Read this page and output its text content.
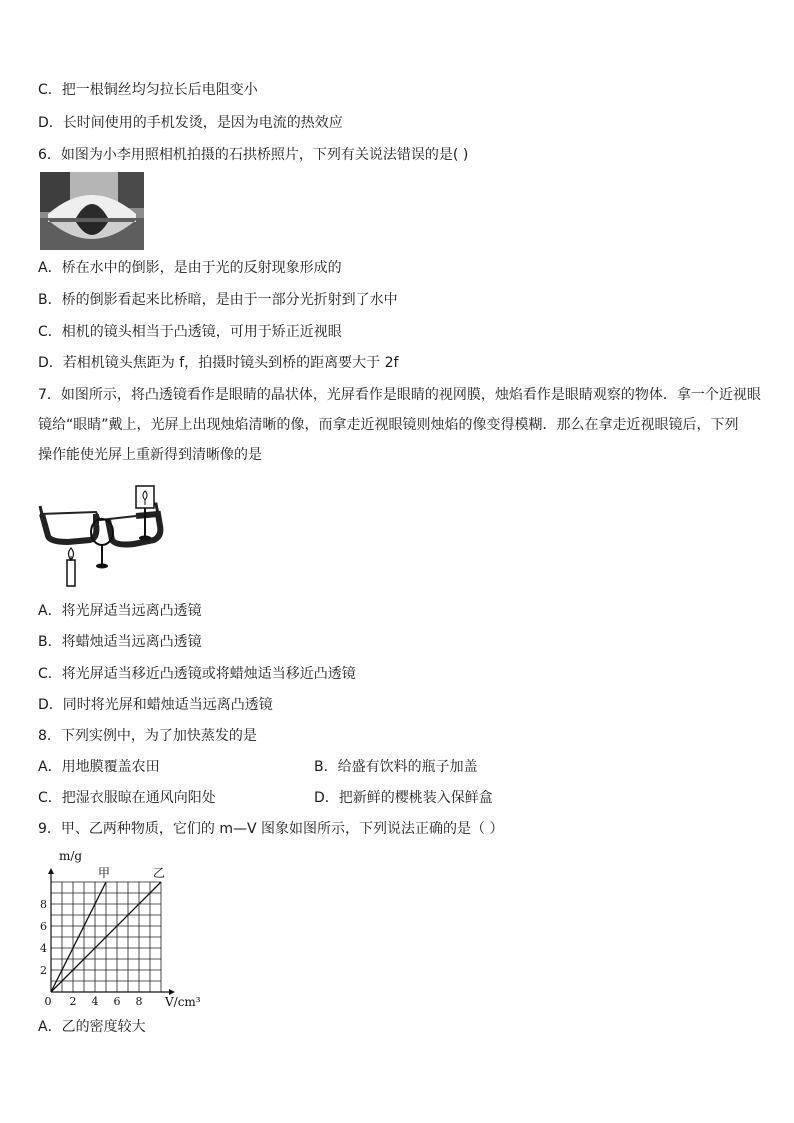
C．把一根铜丝均匀拉长后电阻变小
D．长时间使用的手机发烫，是因为电流的热效应
6．如图为小李用照相机拍摄的石拱桥照片，下列有关说法错误的是( )
A．桥在水中的倒影，是由于光的反射现象形成的
B．桥的倒影看起来比桥暗，是由于一部分光折射到了水中
C．相机的镜头相当于凸透镜，可用于矫正近视眼
D．若相机镜头焦距为 f，拍摄时镜头到桥的距离要大于 2f
7．如图所示，将凸透镜看作是眼睛的晶状体，光屏看作是眼睛的视网膜，烛焰看作是眼睛观察的物体．拿一个近视眼
镜给“眼睛”戴上，光屏上出现烛焰清晰的像，而拿走近视眼镜则烛焰的像变得模糊．那么在拿走近视眼镜后，下列
操作能使光屏上重新得到清晰像的是
A．将光屏适当远离凸透镜
B．将蜡烛适当远离凸透镜
C．将光屏适当移近凸透镜或将蜡烛适当移近凸透镜
D．同时将光屏和蜡烛适当远离凸透镜
8．下列实例中，为了加快蒸发的是
A．用地膜覆盖农田	B．给盛有饮料的瓶子加盖
C．把湿衣服晾在通风向阳处	D．把新鲜的樱桃装入保鲜盒
9．甲、乙两种物质，它们的 m—V 图象如图所示，下列说法正确的是（ ）
甲	乙
0 2 4 6 8
2
4
6
8
m/g
V/cm³
A．乙的密度较大
